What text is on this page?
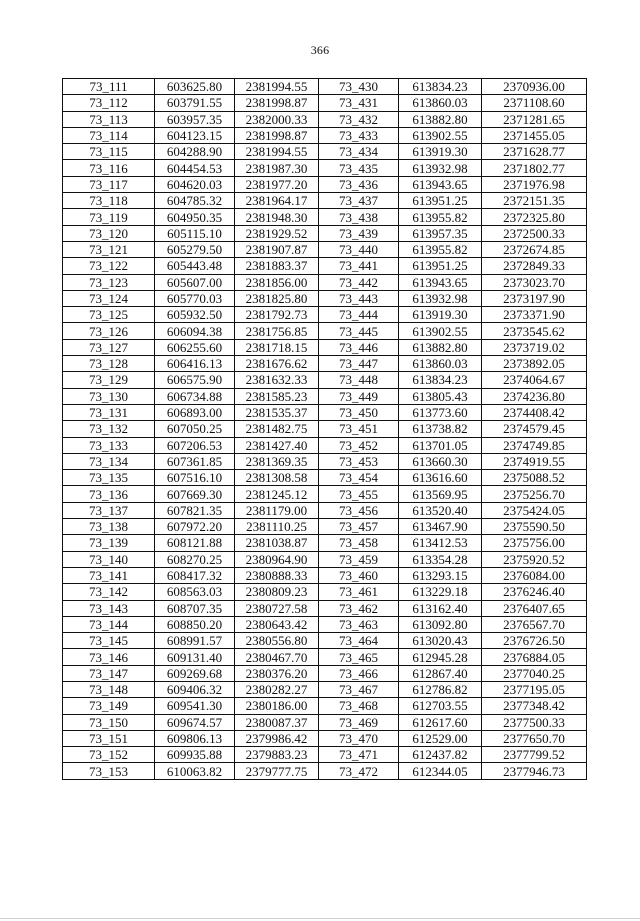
366
73_111	603625.80	2381994.55	73_430	613834.23	2370936.00
73_112	603791.55	2381998.87	73_431	613860.03	2371108.60
73_113	603957.35	2382000.33	73_432	613882.80	2371281.65
73_114	604123.15	2381998.87	73_433	613902.55	2371455.05
73_115	604288.90	2381994.55	73_434	613919.30	2371628.77
73_116	604454.53	2381987.30	73_435	613932.98	2371802.77
73_117	604620.03	2381977.20	73_436	613943.65	2371976.98
73_118	604785.32	2381964.17	73_437	613951.25	2372151.35
73_119	604950.35	2381948.30	73_438	613955.82	2372325.80
73_120	605115.10	2381929.52	73_439	613957.35	2372500.33
73_121	605279.50	2381907.87	73_440	613955.82	2372674.85
73_122	605443.48	2381883.37	73_441	613951.25	2372849.33
73_123	605607.00	2381856.00	73_442	613943.65	2373023.70
73_124	605770.03	2381825.80	73_443	613932.98	2373197.90
73_125	605932.50	2381792.73	73_444	613919.30	2373371.90
73_126	606094.38	2381756.85	73_445	613902.55	2373545.62
73_127	606255.60	2381718.15	73_446	613882.80	2373719.02
73_128	606416.13	2381676.62	73_447	613860.03	2373892.05
73_129	606575.90	2381632.33	73_448	613834.23	2374064.67
73_130	606734.88	2381585.23	73_449	613805.43	2374236.80
73_131	606893.00	2381535.37	73_450	613773.60	2374408.42
73_132	607050.25	2381482.75	73_451	613738.82	2374579.45
73_133	607206.53	2381427.40	73_452	613701.05	2374749.85
73_134	607361.85	2381369.35	73_453	613660.30	2374919.55
73_135	607516.10	2381308.58	73_454	613616.60	2375088.52
73_136	607669.30	2381245.12	73_455	613569.95	2375256.70
73_137	607821.35	2381179.00	73_456	613520.40	2375424.05
73_138	607972.20	2381110.25	73_457	613467.90	2375590.50
73_139	608121.88	2381038.87	73_458	613412.53	2375756.00
73_140	608270.25	2380964.90	73_459	613354.28	2375920.52
73_141	608417.32	2380888.33	73_460	613293.15	2376084.00
73_142	608563.03	2380809.23	73_461	613229.18	2376246.40
73_143	608707.35	2380727.58	73_462	613162.40	2376407.65
73_144	608850.20	2380643.42	73_463	613092.80	2376567.70
73_145	608991.57	2380556.80	73_464	613020.43	2376726.50
73_146	609131.40	2380467.70	73_465	612945.28	2376884.05
73_147	609269.68	2380376.20	73_466	612867.40	2377040.25
73_148	609406.32	2380282.27	73_467	612786.82	2377195.05
73_149	609541.30	2380186.00	73_468	612703.55	2377348.42
73_150	609674.57	2380087.37	73_469	612617.60	2377500.33
73_151	609806.13	2379986.42	73_470	612529.00	2377650.70
73_152	609935.88	2379883.23	73_471	612437.82	2377799.52
73_153	610063.82	2379777.75	73_472	612344.05	2377946.73
